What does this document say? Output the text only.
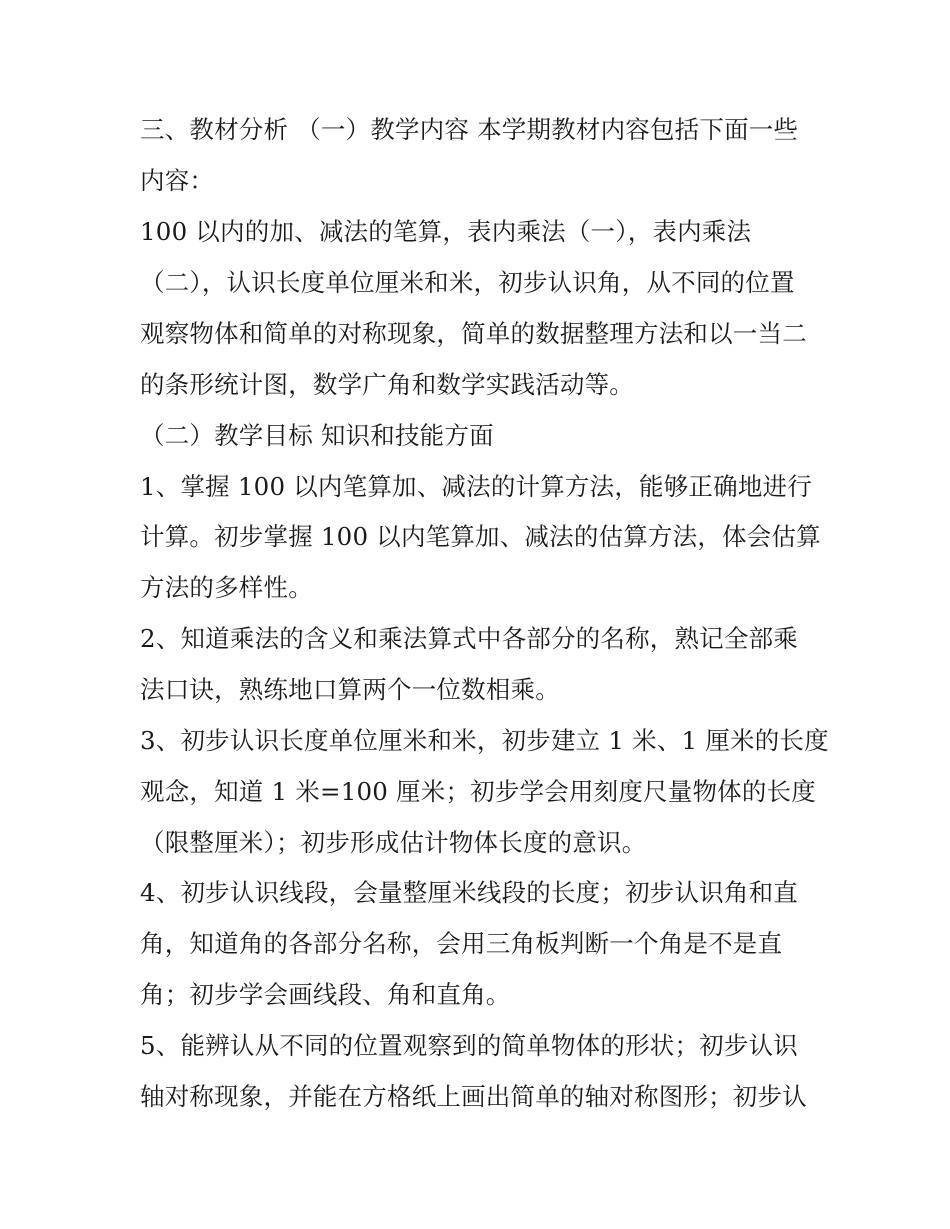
三、教材分析 （一）教学内容 本学期教材内容包括下面一些
内容：
100 以内的加、减法的笔算，表内乘法（一），表内乘法
（二），认识长度单位厘米和米，初步认识角，从不同的位置
观察物体和简单的对称现象，简单的数据整理方法和以一当二
的条形统计图，数学广角和数学实践活动等。
（二）教学目标 知识和技能方面
1、掌握 100 以内笔算加、减法的计算方法，能够正确地进行
计算。初步掌握 100 以内笔算加、减法的估算方法，体会估算
方法的多样性。
2、知道乘法的含义和乘法算式中各部分的名称，熟记全部乘
法口诀，熟练地口算两个一位数相乘。
3、初步认识长度单位厘米和米，初步建立 1 米、1 厘米的长度
观念，知道 1 米=100 厘米；初步学会用刻度尺量物体的长度
（限整厘米）；初步形成估计物体长度的意识。
4、初步认识线段，会量整厘米线段的长度；初步认识角和直
角，知道角的各部分名称，会用三角板判断一个角是不是直
角；初步学会画线段、角和直角。
5、能辨认从不同的位置观察到的简单物体的形状；初步认识
轴对称现象，并能在方格纸上画出简单的轴对称图形；初步认
